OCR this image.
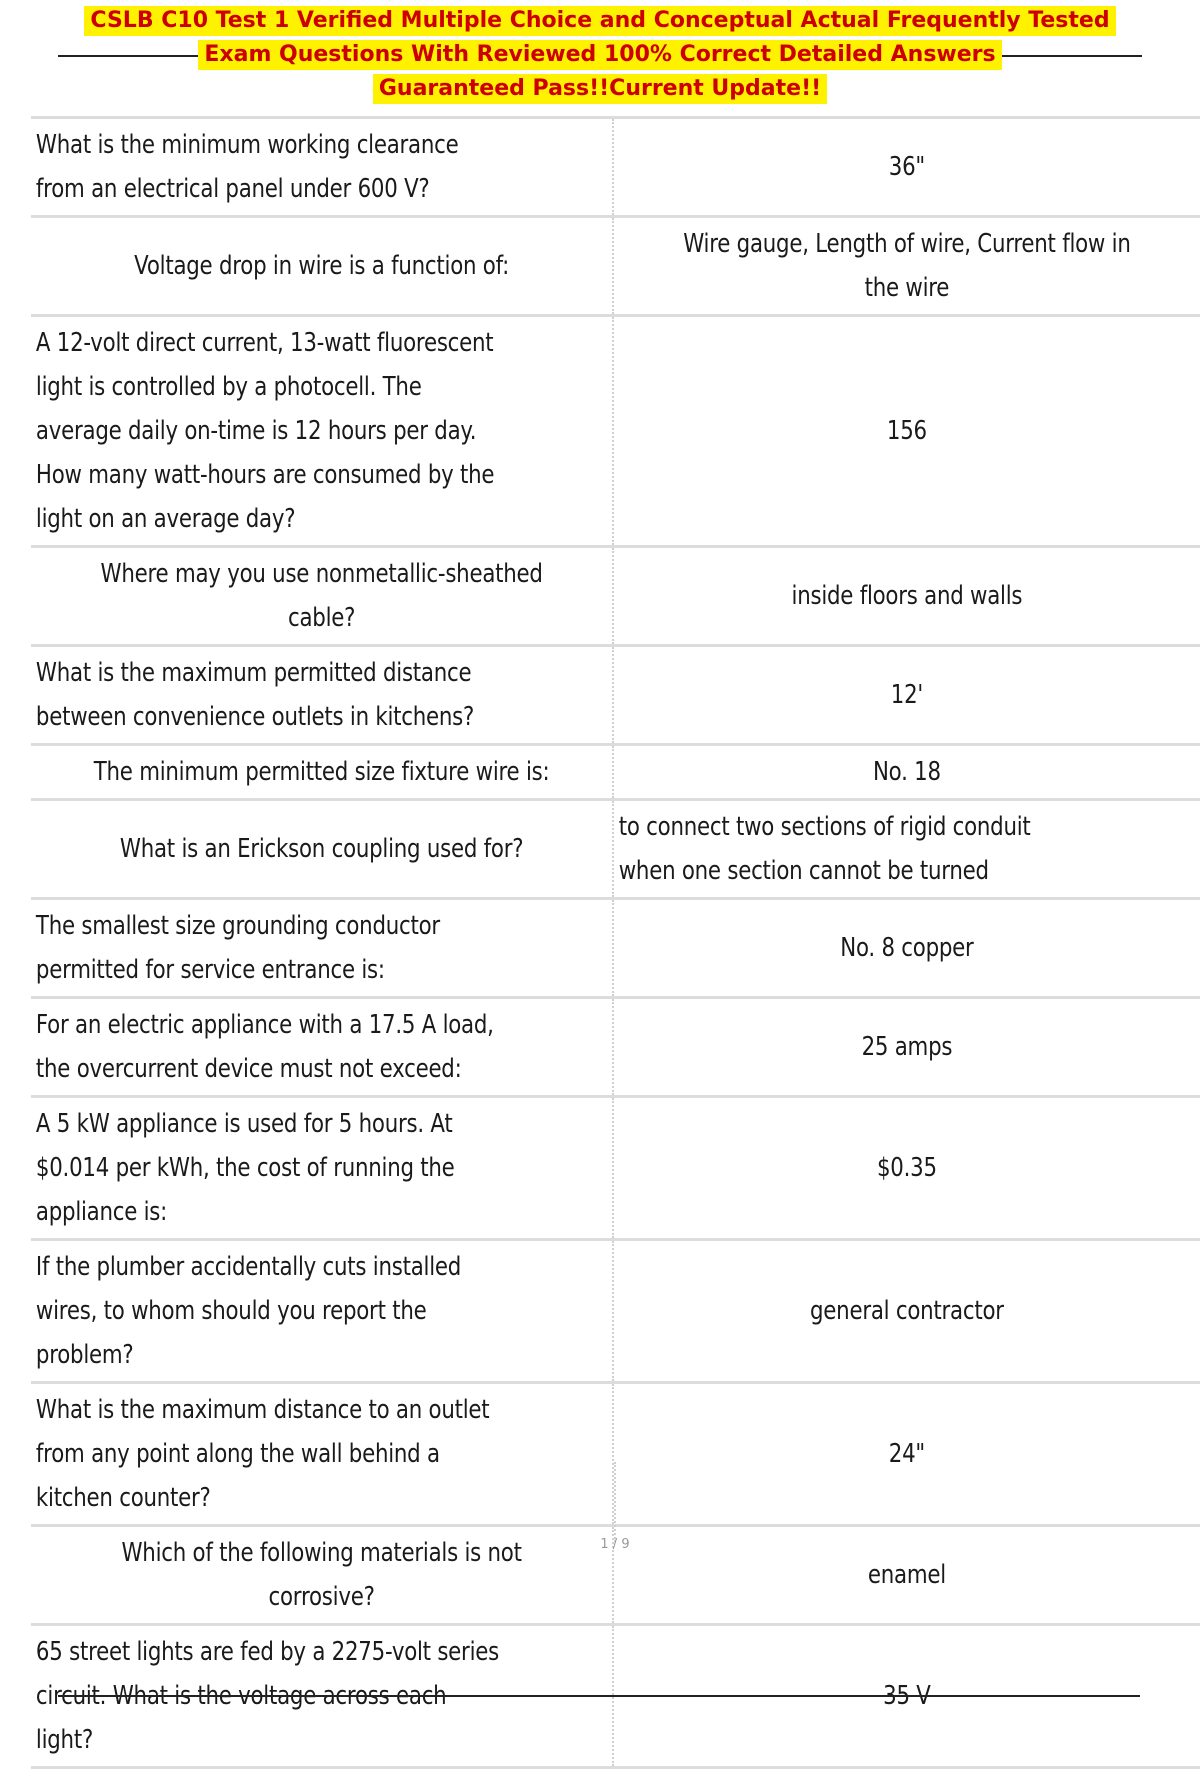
CSLB C10 Test 1 Verified Multiple Choice and Conceptual Actual Frequently Tested
Exam Questions With Reviewed 100% Correct Detailed Answers
Guaranteed Pass!!Current Update!!
What is the minimum working clearance from an electrical panel under 600 V?	36"

Voltage drop in wire is a function of:	Wire gauge, Length of wire, Current flow in the wire

A 12-volt direct current, 13-watt fluorescent light is controlled by a photocell. The average daily on-time is 12 hours per day. How many watt-hours are consumed by the light on an average day?	156

Where may you use nonmetallic-sheathed cable?	inside floors and walls

What is the maximum permitted distance between convenience outlets in kitchens?	12'

The minimum permitted size fixture wire is:	No. 18

What is an Erickson coupling used for?	to connect two sections of rigid conduit when one section cannot be turned

The smallest size grounding conductor permitted for service entrance is:	No. 8 copper

For an electric appliance with a 17.5 A load, the overcurrent device must not exceed:	25 amps

A 5 kW appliance is used for 5 hours. At $0.014 per kWh, the cost of running the appliance is:	$0.35

If the plumber accidentally cuts installed wires, to whom should you report the problem?	general contractor

What is the maximum distance to an outlet from any point along the wall behind a kitchen counter?	24"

Which of the following materials is not corrosive?	enamel

65 street lights are fed by a 2275-volt series circuit. What is the voltage across each light?	35 V
1 / 9
